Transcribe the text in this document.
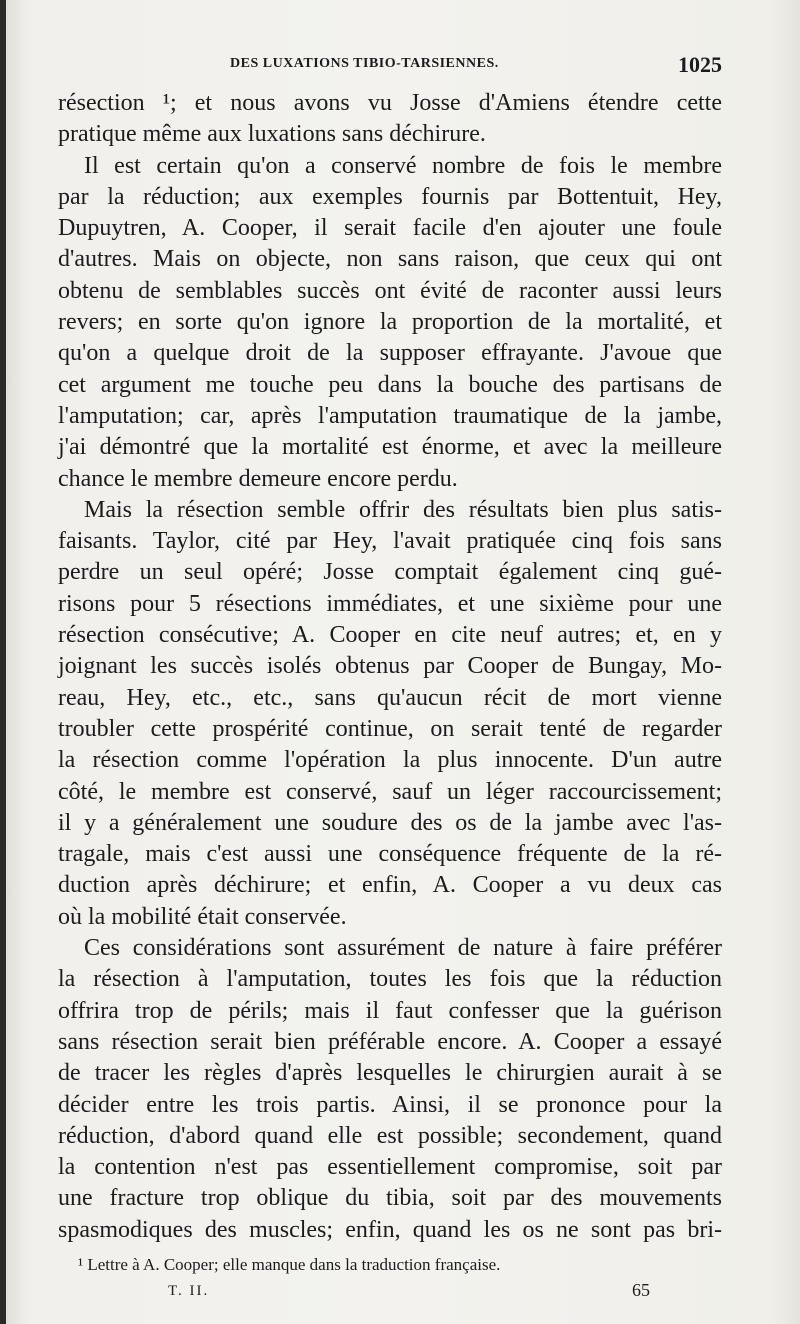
DES LUXATIONS TIBIO-TARSIENNES.	1025
résection ¹; et nous avons vu Josse d'Amiens étendre cette
pratique même aux luxations sans déchirure.
Il est certain qu'on a conservé nombre de fois le membre
par la réduction; aux exemples fournis par Bottentuit, Hey,
Dupuytren, A. Cooper, il serait facile d'en ajouter une foule
d'autres. Mais on objecte, non sans raison, que ceux qui ont
obtenu de semblables succès ont évité de raconter aussi leurs
revers; en sorte qu'on ignore la proportion de la mortalité, et
qu'on a quelque droit de la supposer effrayante. J'avoue que
cet argument me touche peu dans la bouche des partisans de
l'amputation; car, après l'amputation traumatique de la jambe,
j'ai démontré que la mortalité est énorme, et avec la meilleure
chance le membre demeure encore perdu.
Mais la résection semble offrir des résultats bien plus satis-
faisants. Taylor, cité par Hey, l'avait pratiquée cinq fois sans
perdre un seul opéré; Josse comptait également cinq gué-
risons pour 5 résections immédiates, et une sixième pour une
résection consécutive; A. Cooper en cite neuf autres; et, en y
joignant les succès isolés obtenus par Cooper de Bungay, Mo-
reau, Hey, etc., etc., sans qu'aucun récit de mort vienne
troubler cette prospérité continue, on serait tenté de regarder
la résection comme l'opération la plus innocente. D'un autre
côté, le membre est conservé, sauf un léger raccourcissement;
il y a généralement une soudure des os de la jambe avec l'as-
tragale, mais c'est aussi une conséquence fréquente de la ré-
duction après déchirure; et enfin, A. Cooper a vu deux cas
où la mobilité était conservée.
Ces considérations sont assurément de nature à faire préférer
la résection à l'amputation, toutes les fois que la réduction
offrira trop de périls; mais il faut confesser que la guérison
sans résection serait bien préférable encore. A. Cooper a essayé
de tracer les règles d'après lesquelles le chirurgien aurait à se
décider entre les trois partis. Ainsi, il se prononce pour la
réduction, d'abord quand elle est possible; secondement, quand
la contention n'est pas essentiellement compromise, soit par
une fracture trop oblique du tibia, soit par des mouvements
spasmodiques des muscles; enfin, quand les os ne sont pas bri-
¹ Lettre à A. Cooper; elle manque dans la traduction française.
T. II.	65
